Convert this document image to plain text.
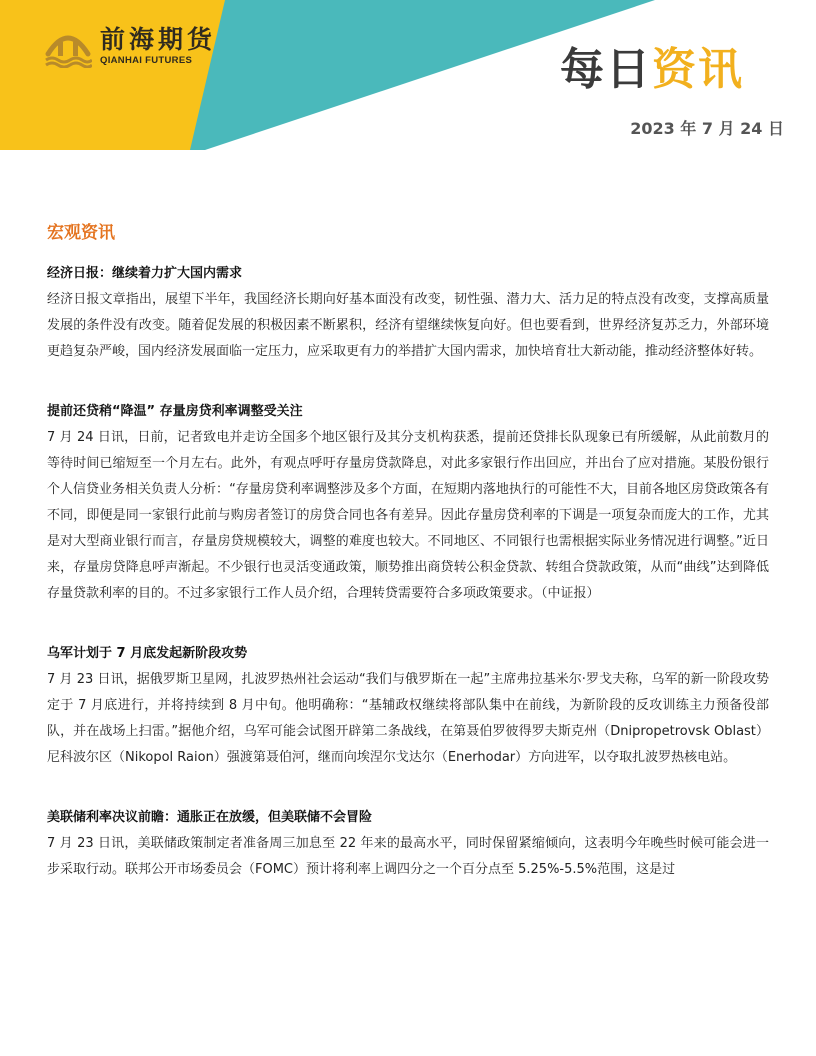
前海期货
QIANHAI FUTURES	每日资讯
2023 年 7 月 24 日
宏观资讯

经济日报：继续着力扩大国内需求

经济日报文章指出，展望下半年，我国经济长期向好基本面没有改变，韧性强、潜力大、活力足的特点没有改变，支撑高质量发展的条件没有改变。随着促发展的积极因素不断累积，经济有望继续恢复向好。但也要看到，世界经济复苏乏力，外部环境更趋复杂严峻，国内经济发展面临一定压力，应采取更有力的举措扩大国内需求，加快培育壮大新动能，推动经济整体好转。

提前还贷稍“降温” 存量房贷利率调整受关注

7 月 24 日讯，日前，记者致电并走访全国多个地区银行及其分支机构获悉，提前还贷排长队现象已有所缓解，从此前数月的等待时间已缩短至一个月左右。此外，有观点呼吁存量房贷款降息，对此多家银行作出回应，并出台了应对措施。某股份银行个人信贷业务相关负责人分析：“存量房贷利率调整涉及多个方面，在短期内落地执行的可能性不大，目前各地区房贷政策各有不同，即便是同一家银行此前与购房者签订的房贷合同也各有差异。因此存量房贷利率的下调是一项复杂而庞大的工作，尤其是对大型商业银行而言，存量房贷规模较大，调整的难度也较大。不同地区、不同银行也需根据实际业务情况进行调整。”近日来，存量房贷降息呼声渐起。不少银行也灵活变通政策，顺势推出商贷转公积金贷款、转组合贷款政策，从而“曲线”达到降低存量贷款利率的目的。不过多家银行工作人员介绍，合理转贷需要符合多项政策要求。（中证报）

乌军计划于 7 月底发起新阶段攻势

7 月 23 日讯，据俄罗斯卫星网，扎波罗热州社会运动“我们与俄罗斯在一起”主席弗拉基米尔·罗戈夫称，乌军的新一阶段攻势定于 7 月底进行，并将持续到 8 月中旬。他明确称：“基辅政权继续将部队集中在前线，为新阶段的反攻训练主力预备役部队，并在战场上扫雷。”据他介绍，乌军可能会试图开辟第二条战线，在第聂伯罗彼得罗夫斯克州（Dnipropetrovsk Oblast）尼科波尔区（Nikopol Raion）强渡第聂伯河，继而向埃涅尔戈达尔（Enerhodar）方向进军，以夺取扎波罗热核电站。

美联储利率决议前瞻：通胀正在放缓，但美联储不会冒险

7 月 23 日讯，美联储政策制定者准备周三加息至 22 年来的最高水平，同时保留紧缩倾向，这表明今年晚些时候可能会进一步采取行动。联邦公开市场委员会（FOMC）预计将利率上调四分之一个百分点至 5.25%-5.5%范围，这是过
